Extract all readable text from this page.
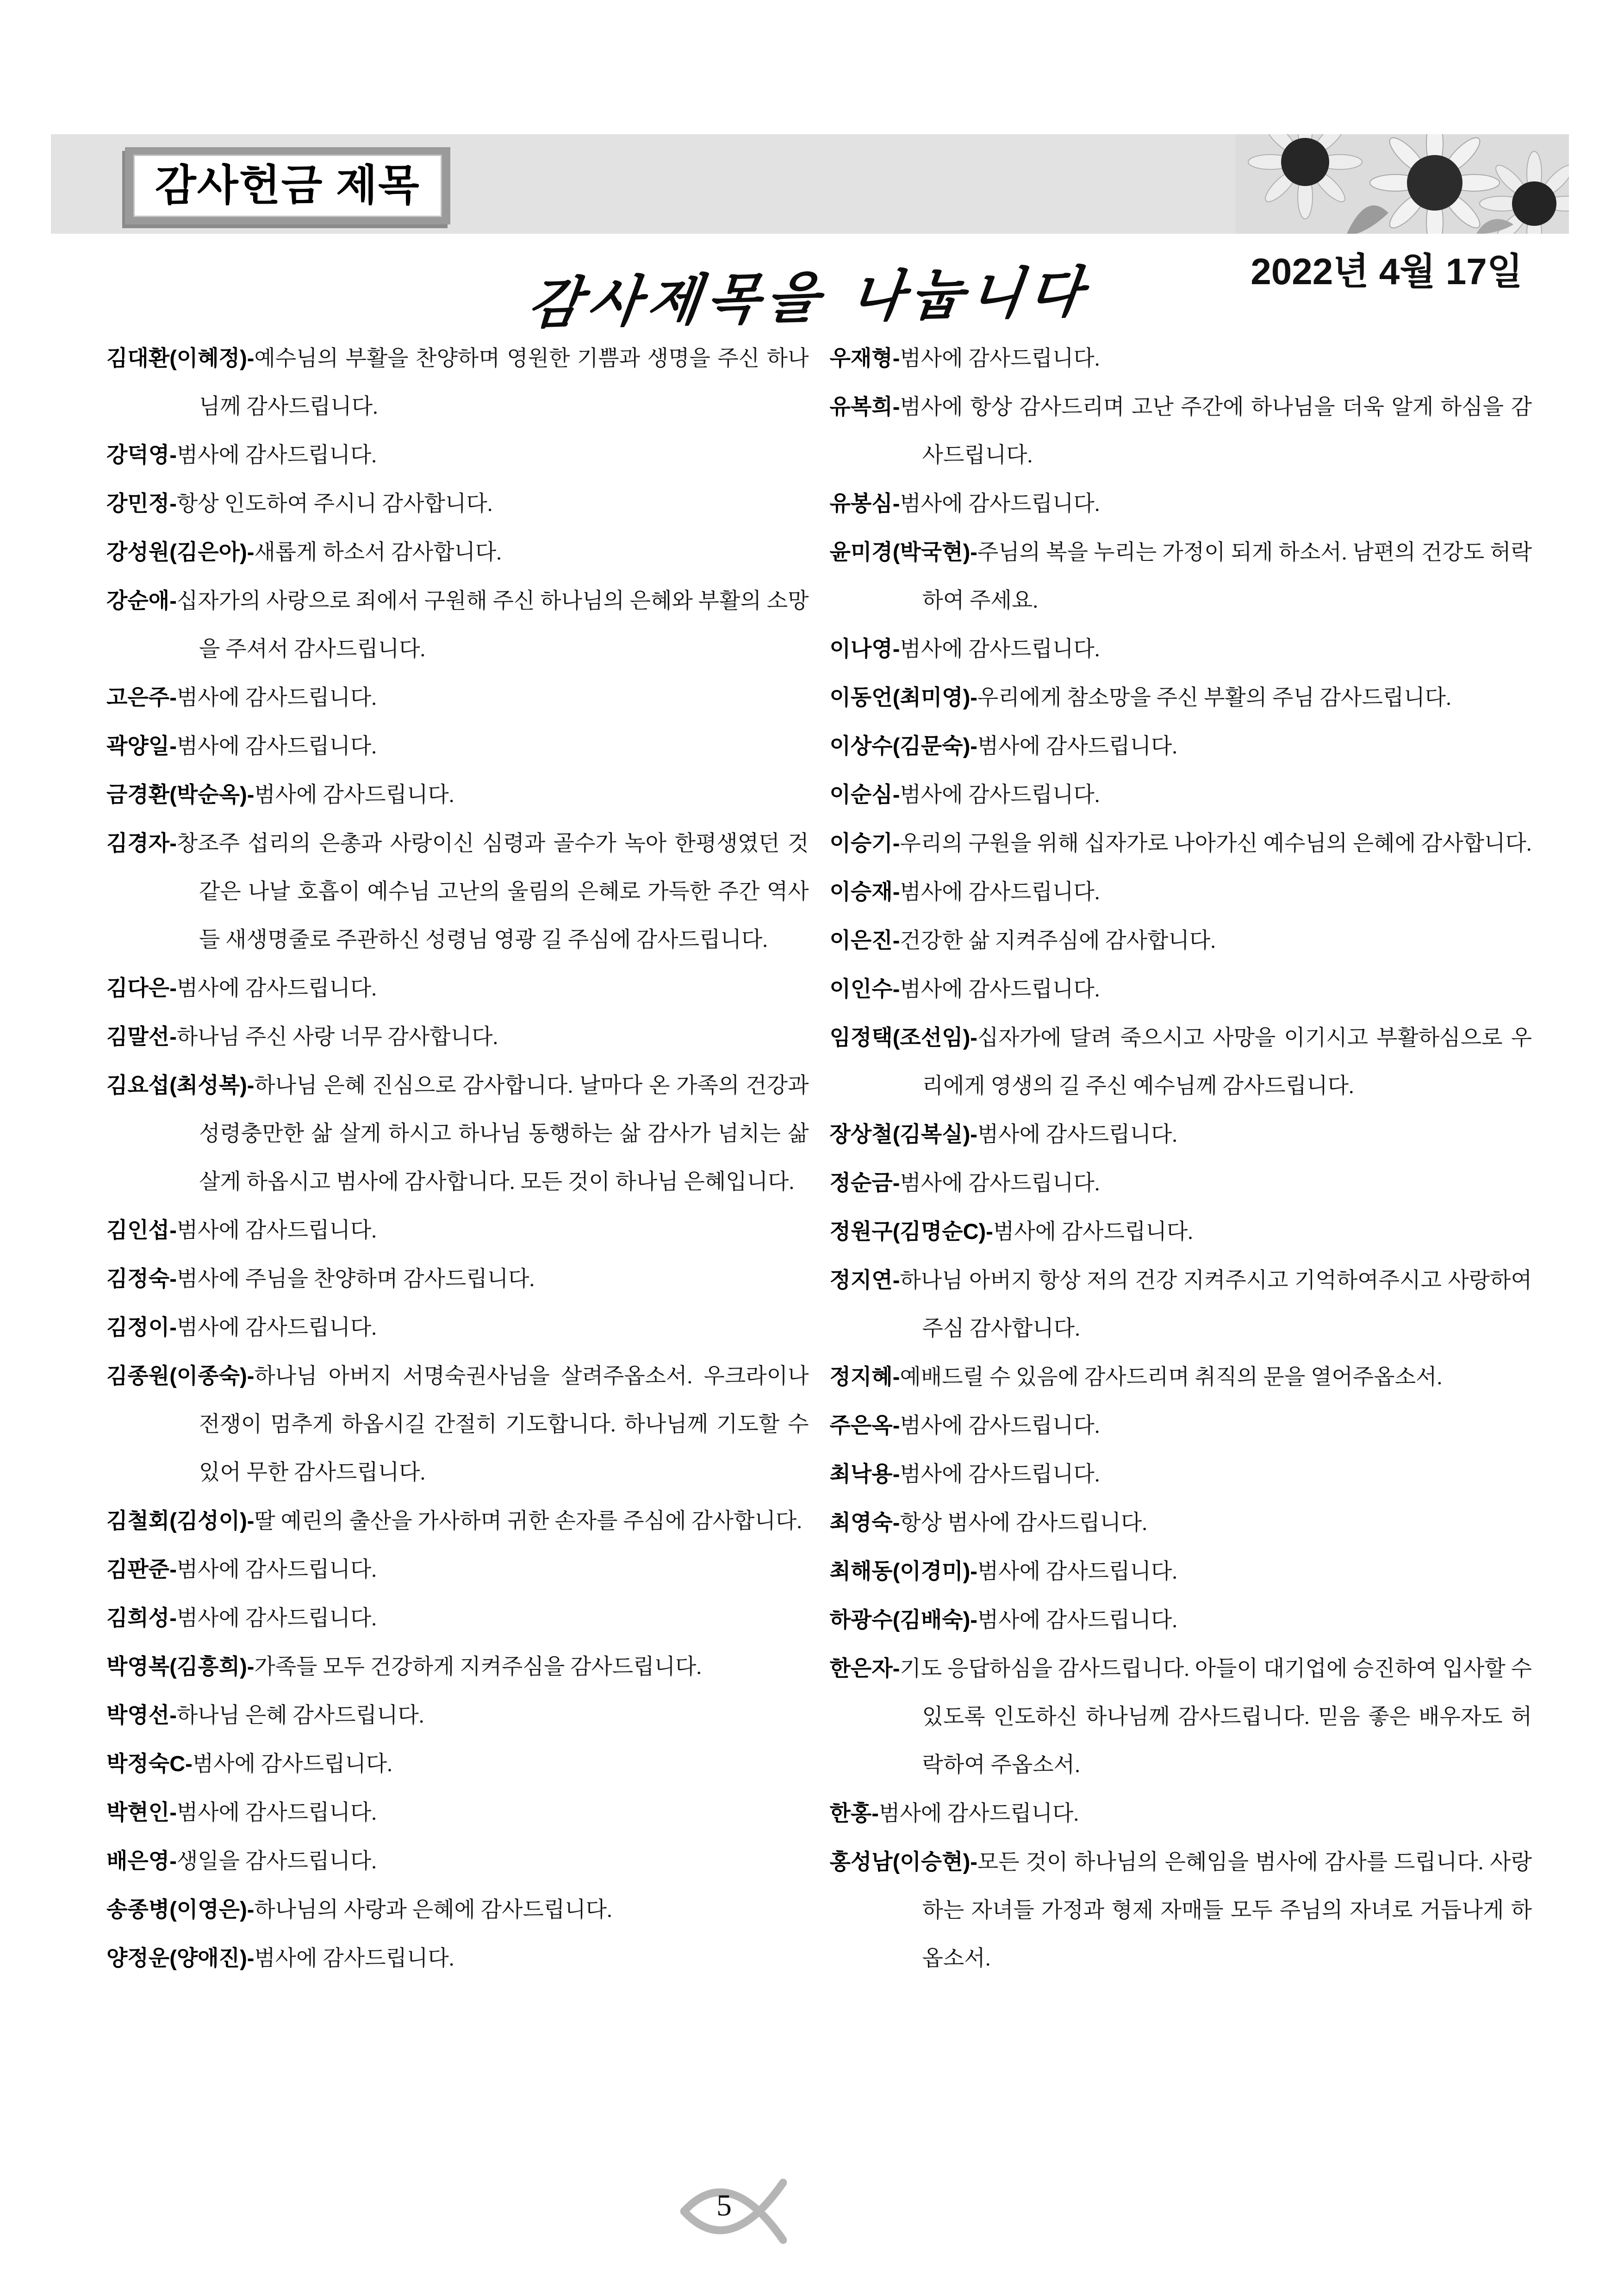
감사헌금 제목
2022년 4월 17일
감사제목을 나눕니다

김대환(이혜정)-예수님의 부활을 찬양하며 영원한 기쁨과 생명을 주신 하나님께 감사드립니다.

강덕영-범사에 감사드립니다.

강민정-항상 인도하여 주시니 감사합니다.

강성원(김은아)-새롭게 하소서 감사합니다.

강순애-십자가의 사랑으로 죄에서 구원해 주신 하나님의 은혜와 부활의 소망을 주셔서 감사드립니다.

고은주-범사에 감사드립니다.

곽양일-범사에 감사드립니다.

금경환(박순옥)-범사에 감사드립니다.

김경자-창조주 섭리의 은총과 사랑이신 심령과 골수가 녹아 한평생였던 것 같은 나날 호흡이 예수님 고난의 울림의 은혜로 가득한 주간 역사들 새생명줄로 주관하신 성령님 영광 길 주심에 감사드립니다.

김다은-범사에 감사드립니다.

김말선-하나님 주신 사랑 너무 감사합니다.

김요섭(최성복)-하나님 은혜 진심으로 감사합니다. 날마다 온 가족의 건강과 성령충만한 삶 살게 하시고 하나님 동행하는 삶 감사가 넘치는 삶 살게 하옵시고 범사에 감사합니다. 모든 것이 하나님 은혜입니다.

김인섭-범사에 감사드립니다.

김정숙-범사에 주님을 찬양하며 감사드립니다.

김정이-범사에 감사드립니다.

김종원(이종숙)-하나님 아버지 서명숙권사님을 살려주옵소서. 우크라이나 전쟁이 멈추게 하옵시길 간절히 기도합니다. 하나님께 기도할 수 있어 무한 감사드립니다.

김철회(김성이)-딸 예린의 출산을 가사하며 귀한 손자를 주심에 감사합니다.

김판준-범사에 감사드립니다.

김희성-범사에 감사드립니다.

박영복(김흥희)-가족들 모두 건강하게 지켜주심을 감사드립니다.

박영선-하나님 은혜 감사드립니다.

박정숙C-범사에 감사드립니다.

박현인-범사에 감사드립니다.

배은영-생일을 감사드립니다.

송종병(이영은)-하나님의 사랑과 은혜에 감사드립니다.

양정운(양애진)-범사에 감사드립니다.

우재형-범사에 감사드립니다.

유복희-범사에 항상 감사드리며 고난 주간에 하나님을 더욱 알게 하심을 감사드립니다.

유봉심-범사에 감사드립니다.

윤미경(박국현)-주님의 복을 누리는 가정이 되게 하소서. 남편의 건강도 허락하여 주세요.

이나영-범사에 감사드립니다.

이동언(최미영)-우리에게 참소망을 주신 부활의 주님 감사드립니다.

이상수(김문숙)-범사에 감사드립니다.

이순심-범사에 감사드립니다.

이승기-우리의 구원을 위해 십자가로 나아가신 예수님의 은혜에 감사합니다.

이승재-범사에 감사드립니다.

이은진-건강한 삶 지켜주심에 감사합니다.

이인수-범사에 감사드립니다.

임정택(조선임)-십자가에 달려 죽으시고 사망을 이기시고 부활하심으로 우리에게 영생의 길 주신 예수님께 감사드립니다.

장상철(김복실)-범사에 감사드립니다.

정순금-범사에 감사드립니다.

정원구(김명순C)-범사에 감사드립니다.

정지연-하나님 아버지 항상 저의 건강 지켜주시고 기억하여주시고 사랑하여 주심 감사합니다.

정지혜-예배드릴 수 있음에 감사드리며 취직의 문을 열어주옵소서.

주은옥-범사에 감사드립니다.

최낙용-범사에 감사드립니다.

최영숙-항상 범사에 감사드립니다.

최해동(이경미)-범사에 감사드립니다.

하광수(김배숙)-범사에 감사드립니다.

한은자-기도 응답하심을 감사드립니다. 아들이 대기업에 승진하여 입사할 수 있도록 인도하신 하나님께 감사드립니다. 믿음 좋은 배우자도 허락하여 주옵소서.

한홍-범사에 감사드립니다.

홍성남(이승현)-모든 것이 하나님의 은혜임을 범사에 감사를 드립니다. 사랑하는 자녀들 가정과 형제 자매들 모두 주님의 자녀로 거듭나게 하옵소서.

5
